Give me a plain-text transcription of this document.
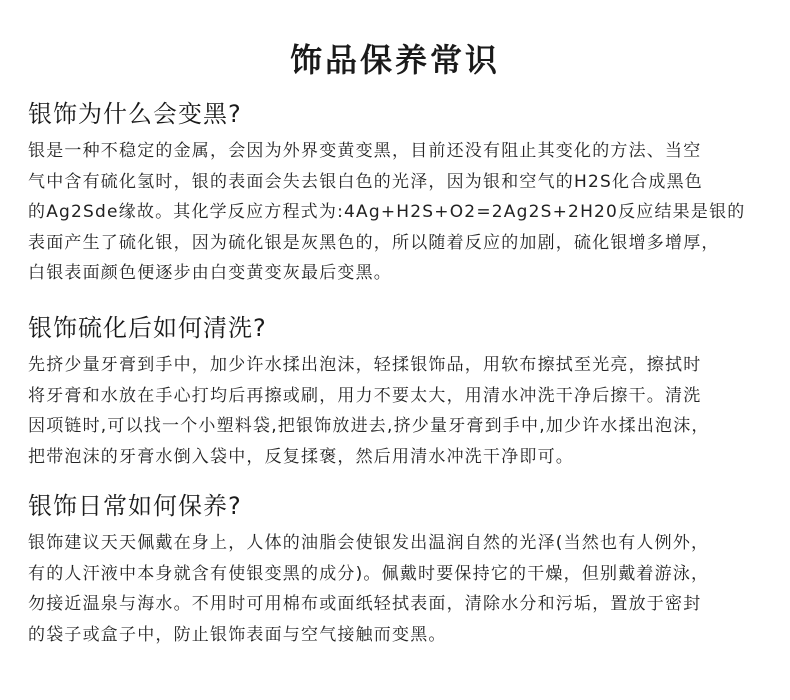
饰品保养常识
银饰为什么会变黑?

银是一种不稳定的金属，会因为外界变黄变黑，目前还没有阻止其变化的方法、当空
气中含有硫化氢时，银的表面会失去银白色的光泽，因为银和空气的H2S化合成黑色
的Ag2Sde缘故。其化学反应方程式为:4Ag+H2S+O2=2Ag2S+2H20反应结果是银的
表面产生了硫化银，因为硫化银是灰黑色的，所以随着反应的加剧，硫化银增多增厚，
白银表面颜色便逐步由白变黄变灰最后变黑。

银饰硫化后如何清洗?

先挤少量牙膏到手中，加少许水揉出泡沫，轻揉银饰品，用软布擦拭至光亮，擦拭时
将牙膏和水放在手心打均后再擦或刷，用力不要太大，用清水冲洗干净后擦干。清洗
因项链时,可以找一个小塑料袋,把银饰放进去,挤少量牙膏到手中,加少许水揉出泡沫，
把带泡沫的牙膏水倒入袋中，反复揉褒，然后用清水冲洗干净即可。

银饰日常如何保养?

银饰建议天天佩戴在身上，人体的油脂会使银发出温润自然的光泽(当然也有人例外，
有的人汗液中本身就含有使银变黑的成分)。佩戴时要保持它的干燥，但别戴着游泳，
勿接近温泉与海水。不用时可用棉布或面纸轻拭表面，清除水分和污垢，置放于密封
的袋子或盒子中，防止银饰表面与空气接触而变黑。
